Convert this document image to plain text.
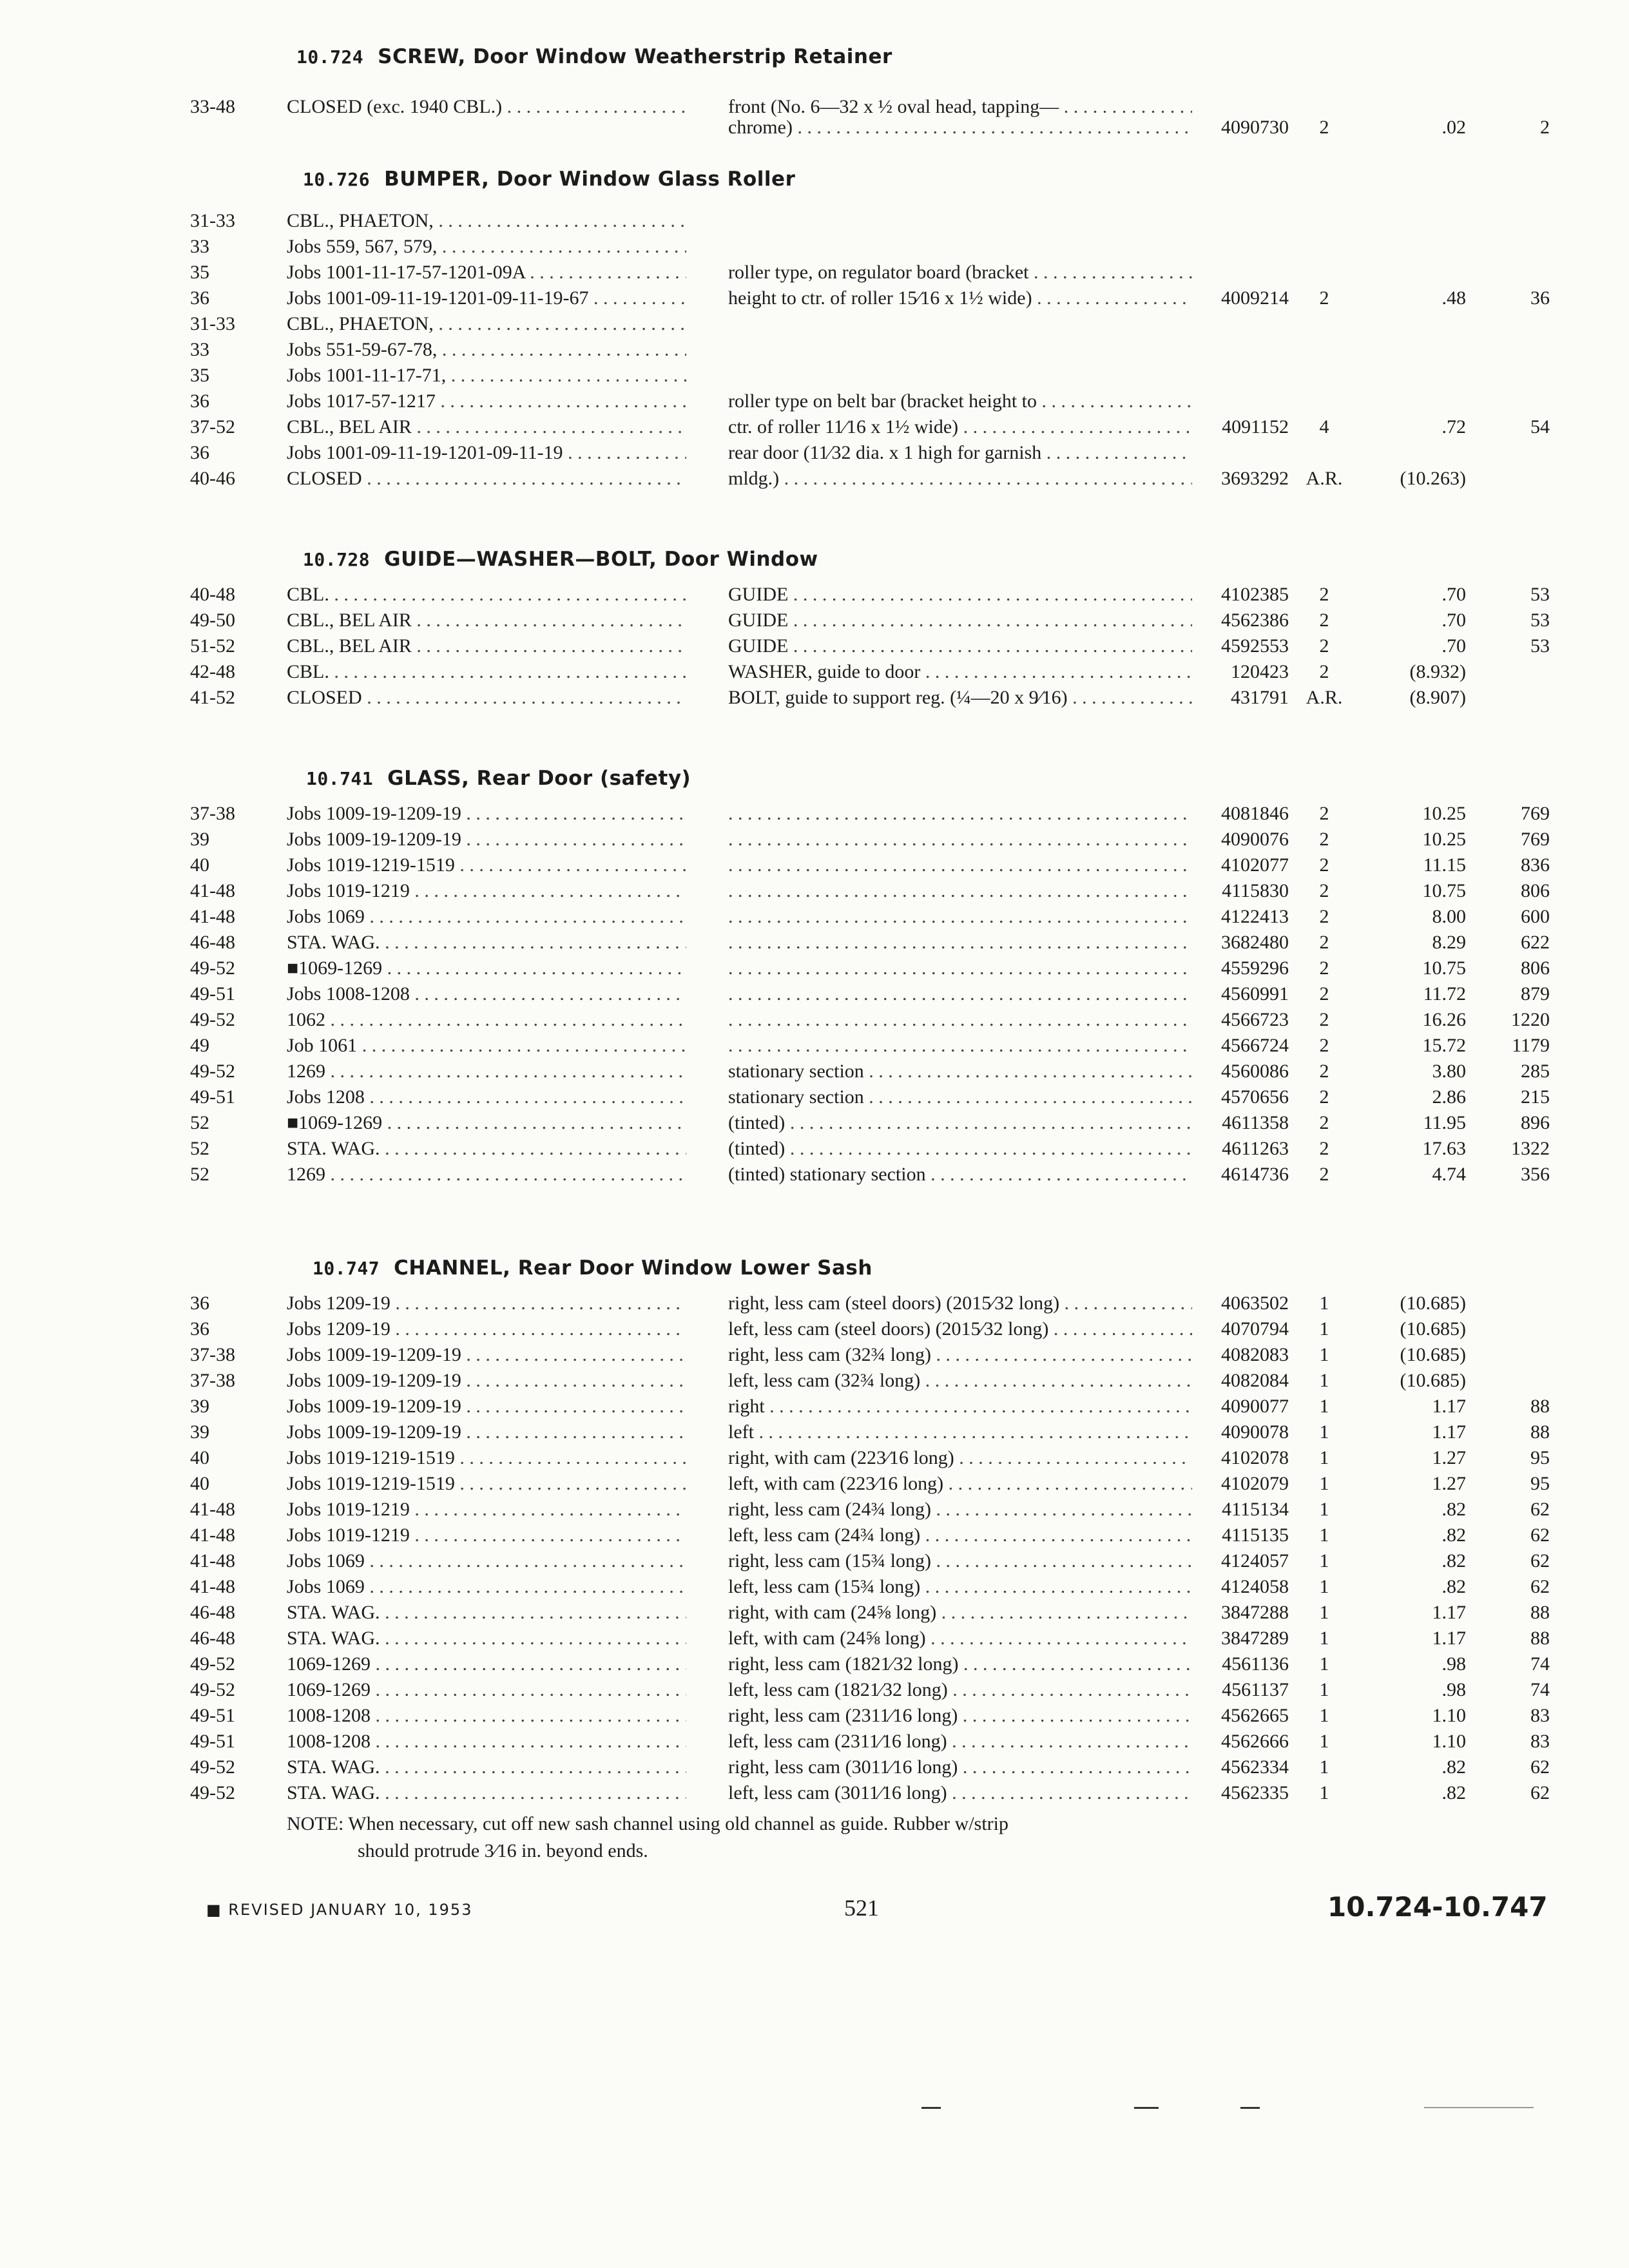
10.724 SCREW, Door Window Weatherstrip Retainer
33-48	CLOSED (exc. 1940 CBL.) . . .	front (No. 6—32 x ½ oval head, tapping— . . .
chrome) . . .	4090730	2	.02	2
10.726 BUMPER, Door Window Glass Roller
31-33	CBL., PHAETON, . . .
33	Jobs 559, 567, 579, . . .
35	Jobs 1001-11-17-57-1201-09A . . .	roller type, on regulator board (bracket . . .
36	Jobs 1001-09-11-19-1201-09-11-19-67 . . .	height to ctr. of roller 15⁄16 x 1½ wide) . . .	4009214	2	.48	36
31-33	CBL., PHAETON, . . .
33	Jobs 551-59-67-78, . . .
35	Jobs 1001-11-17-71, . . .
36	Jobs 1017-57-1217 . . .	roller type on belt bar (bracket height to . . .
37-52	CBL., BEL AIR . . .	ctr. of roller 11⁄16 x 1½ wide) . . .	4091152	4	.72	54
36	Jobs 1001-09-11-19-1201-09-11-19 . . .	rear door (11⁄32 dia. x 1 high for garnish . . .
40-46	CLOSED . . .	mldg.) . . .	3693292 A.R.	(10.263)
10.728 GUIDE—WASHER—BOLT, Door Window
40-48	CBL. . . .	GUIDE . . .	4102385	2	.70	53
49-50	CBL., BEL AIR . . .	GUIDE . . .	4562386	2	.70	53
51-52	CBL., BEL AIR . . .	GUIDE . . .	4592553	2	.70	53
42-48	CBL. . . .	WASHER, guide to door . . .	120423	2	(8.932)
41-52	CLOSED . . .	BOLT, guide to support reg. (¼—20 x 9⁄16) . . .	431791 A.R.	(8.907)
10.741 GLASS, Rear Door (safety)
37-38	Jobs 1009-19-1209-19 . . . . . .	4081846	2	10.25	769
39	Jobs 1009-19-1209-19 . . . . . .	4090076	2	10.25	769
40	Jobs 1019-1219-1519 . . . . . .	4102077	2	11.15	836
41-48	Jobs 1019-1219 . . . . . .	4115830	2	10.75	806
41-48	Jobs 1069 . . . . . .	4122413	2	8.00	600
46-48	STA. WAG. . . . . . .	3682480	2	8.29	622
49-52	■1069-1269 . . . . . .	4559296	2	10.75	806
49-51	Jobs 1008-1208 . . . . . .	4560991	2	11.72	879
49-52	1062 . . . . . .	4566723	2	16.26	1220
49	Job 1061 . . . . . .	4566724	2	15.72	1179
49-52	1269 . . .	stationary section . . .	4560086	2	3.80	285
49-51	Jobs 1208 . . .	stationary section . . .	4570656	2	2.86	215
52	■1069-1269 . . .	(tinted) . . .	4611358	2	11.95	896
52	STA. WAG. . . .	(tinted) . . .	4611263	2	17.63	1322
52	1269 . . .	(tinted) stationary section . . .	4614736	2	4.74	356
10.747 CHANNEL, Rear Door Window Lower Sash
36	Jobs 1209-19 . . .	right, less cam (steel doors) (2015⁄32 long) . . .	4063502	1	(10.685)
36	Jobs 1209-19 . . .	left, less cam (steel doors) (2015⁄32 long) . . .	4070794	1	(10.685)
37-38	Jobs 1009-19-1209-19 . . .	right, less cam (32¾ long) . . .	4082083	1	(10.685)
37-38	Jobs 1009-19-1209-19 . . .	left, less cam (32¾ long) . . .	4082084	1	(10.685)
39	Jobs 1009-19-1209-19 . . .	right . . .	4090077	1	1.17	88
39	Jobs 1009-19-1209-19 . . .	left . . .	4090078	1	1.17	88
40	Jobs 1019-1219-1519 . . .	right, with cam (223⁄16 long) . . .	4102078	1	1.27	95
40	Jobs 1019-1219-1519 . . .	left, with cam (223⁄16 long) . . .	4102079	1	1.27	95
41-48	Jobs 1019-1219 . . .	right, less cam (24¾ long) . . .	4115134	1	.82	62
41-48	Jobs 1019-1219 . . .	left, less cam (24¾ long) . . .	4115135	1	.82	62
41-48	Jobs 1069 . . .	right, less cam (15¾ long) . . .	4124057	1	.82	62
41-48	Jobs 1069 . . .	left, less cam (15¾ long) . . .	4124058	1	.82	62
46-48	STA. WAG. . . .	right, with cam (24⅝ long) . . .	3847288	1	1.17	88
46-48	STA. WAG. . . .	left, with cam (24⅝ long) . . .	3847289	1	1.17	88
49-52	1069-1269 . . .	right, less cam (1821⁄32 long) . . .	4561136	1	.98	74
49-52	1069-1269 . . .	left, less cam (1821⁄32 long) . . .	4561137	1	.98	74
49-51	1008-1208 . . .	right, less cam (2311⁄16 long) . . .	4562665	1	1.10	83
49-51	1008-1208 . . .	left, less cam (2311⁄16 long) . . .	4562666	1	1.10	83
49-52	STA. WAG. . . .	right, less cam (3011⁄16 long) . . .	4562334	1	.82	62
49-52	STA. WAG. . . .	left, less cam (3011⁄16 long) . . .	4562335	1	.82	62
NOTE: When necessary, cut off new sash channel using old channel as guide. Rubber w/strip
should protrude 3⁄16 in. beyond ends.
■ REVISED JANUARY 10, 1953	521	10.724-10.747
